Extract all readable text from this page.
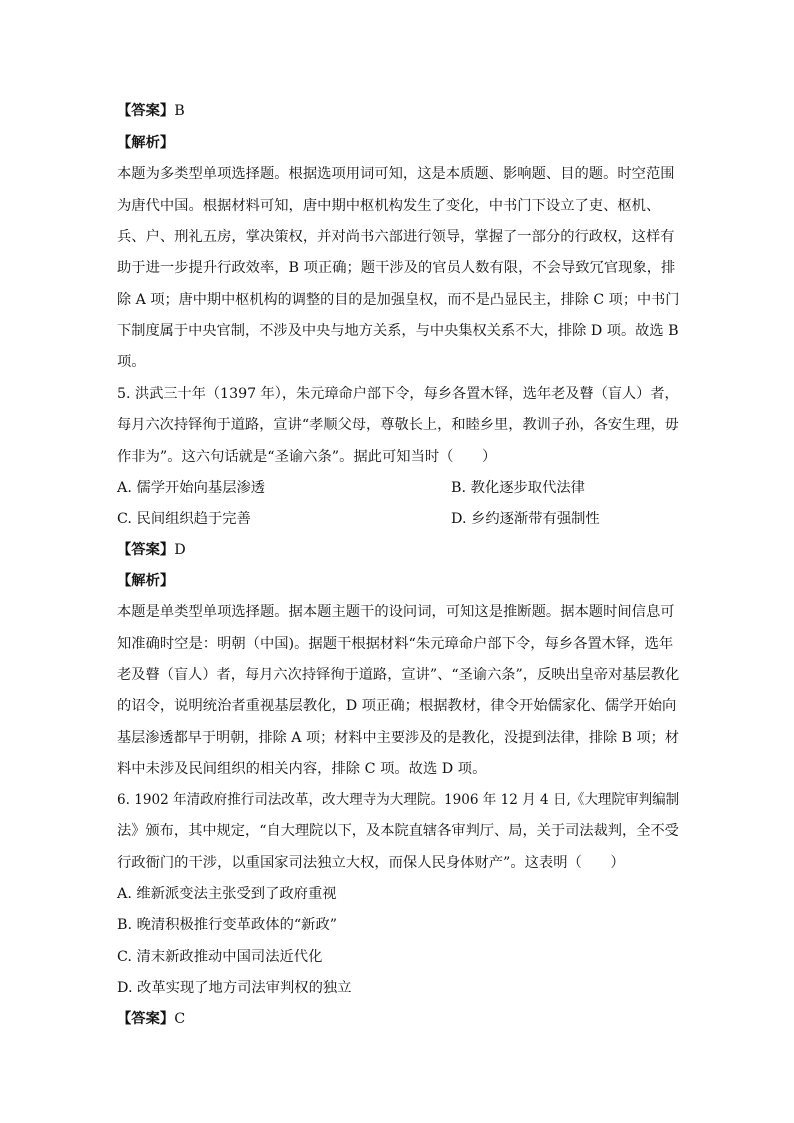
【答案】B
【解析】
本题为多类型单项选择题。根据选项用词可知，这是本质题、影响题、目的题。时空范围
为唐代中国。根据材料可知，唐中期中枢机构发生了变化，中书门下设立了吏、枢机、
兵、户、刑礼五房，掌决策权，并对尚书六部进行领导，掌握了一部分的行政权，这样有
助于进一步提升行政效率，B 项正确；题干涉及的官员人数有限，不会导致冗官现象，排
除 A 项；唐中期中枢机构的调整的目的是加强皇权，而不是凸显民主，排除 C 项；中书门
下制度属于中央官制，不涉及中央与地方关系，与中央集权关系不大，排除 D 项。故选 B
项。
5. 洪武三十年（1397 年），朱元璋命户部下令，每乡各置木铎，选年老及瞽（盲人）者，
每月六次持铎徇于道路，宣讲“孝顺父母，尊敬长上，和睦乡里，教训子孙，各安生理，毋
作非为”。这六句话就是“圣谕六条”。据此可知当时（　　）
A. 儒学开始向基层渗透	B. 教化逐步取代法律
C. 民间组织趋于完善	D. 乡约逐渐带有强制性
【答案】D
【解析】
本题是单类型单项选择题。据本题主题干的设问词，可知这是推断题。据本题时间信息可
知准确时空是：明朝（中国)。据题干根据材料“朱元璋命户部下令，每乡各置木铎，选年
老及瞽（盲人）者，每月六次持铎徇于道路，宣讲”、“圣谕六条”，反映出皇帝对基层教化
的诏令，说明统治者重视基层教化，D 项正确；根据教材，律令开始儒家化、儒学开始向
基层渗透都早于明朝，排除 A 项；材料中主要涉及的是教化，没提到法律，排除 B 项；材
料中未涉及民间组织的相关内容，排除 C 项。故选 D 项。
6. 1902 年清政府推行司法改革，改大理寺为大理院。1906 年 12 月 4 日,《大理院审判编制
法》颁布，其中规定，“自大理院以下，及本院直辖各审判厅、局，关于司法裁判，全不受
行政衙门的干涉，以重国家司法独立大权，而保人民身体财产”。这表明（　　）
A. 维新派变法主张受到了政府重视
B. 晚清积极推行变革政体的“新政”
C. 清末新政推动中国司法近代化
D. 改革实现了地方司法审判权的独立
【答案】C
